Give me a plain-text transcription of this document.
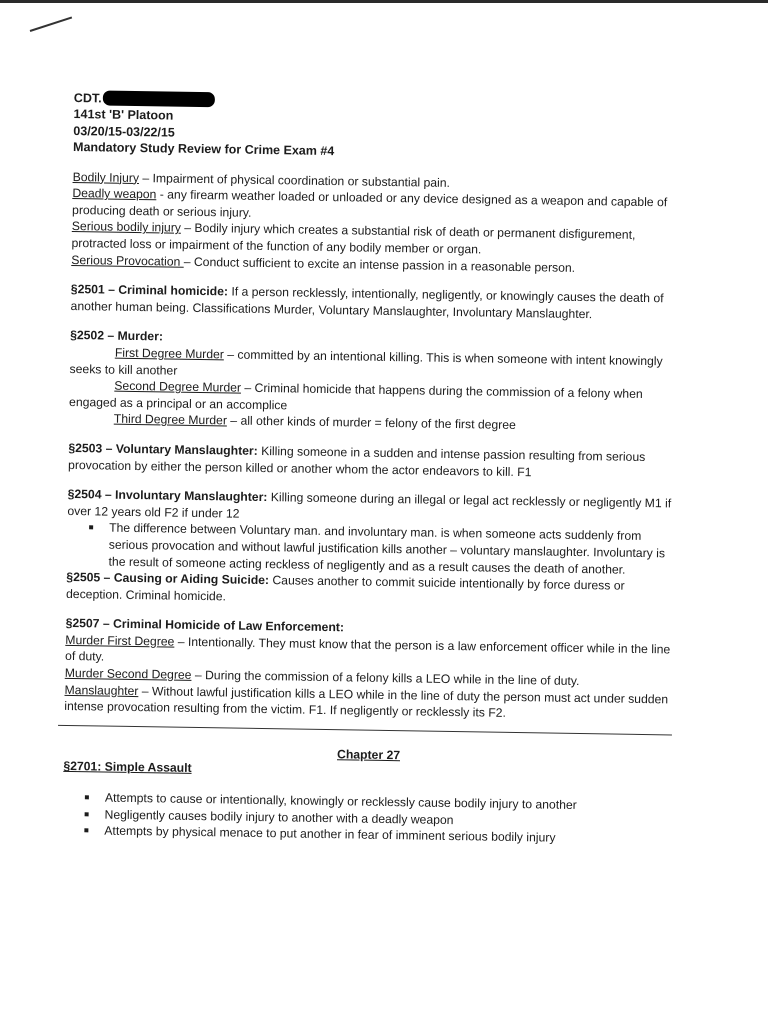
CDT.

141st 'B' Platoon

03/20/15-03/22/15

Mandatory Study Review for Crime Exam #4

Bodily Injury – Impairment of physical coordination or substantial pain.

Deadly weapon - any firearm weather loaded or unloaded or any device designed as a weapon and capable of producing death or serious injury.

Serious bodily injury – Bodily injury which creates a substantial risk of death or permanent disfigurement, protracted loss or impairment of the function of any bodily member or organ.

Serious Provocation – Conduct sufficient to excite an intense passion in a reasonable person.

§2501 – Criminal homicide: If a person recklessly, intentionally, negligently, or knowingly causes the death of another human being. Classifications Murder, Voluntary Manslaughter, Involuntary Manslaughter.

§2502 – Murder:

First Degree Murder – committed by an intentional killing. This is when someone with intent knowingly seeks to kill another

Second Degree Murder – Criminal homicide that happens during the commission of a felony when engaged as a principal or an accomplice

Third Degree Murder – all other kinds of murder = felony of the first degree

§2503 – Voluntary Manslaughter: Killing someone in a sudden and intense passion resulting from serious provocation by either the person killed or another whom the actor endeavors to kill. F1

§2504 – Involuntary Manslaughter: Killing someone during an illegal or legal act recklessly or negligently M1 if over 12 years old F2 if under 12

The difference between Voluntary man. and involuntary man. is when someone acts suddenly from serious provocation and without lawful justification kills another – voluntary manslaughter. Involuntary is the result of someone acting reckless of negligently and as a result causes the death of another.

§2505 – Causing or Aiding Suicide: Causes another to commit suicide intentionally by force duress or deception. Criminal homicide.

§2507 – Criminal Homicide of Law Enforcement:

Murder First Degree – Intentionally. They must know that the person is a law enforcement officer while in the line of duty.

Murder Second Degree – During the commission of a felony kills a LEO while in the line of duty.

Manslaughter – Without lawful justification kills a LEO while in the line of duty the person must act under sudden intense provocation resulting from the victim. F1. If negligently or recklessly its F2.

Chapter 27

§2701: Simple Assault

Attempts to cause or intentionally, knowingly or recklessly cause bodily injury to another
Negligently causes bodily injury to another with a deadly weapon
Attempts by physical menace to put another in fear of imminent serious bodily injury
